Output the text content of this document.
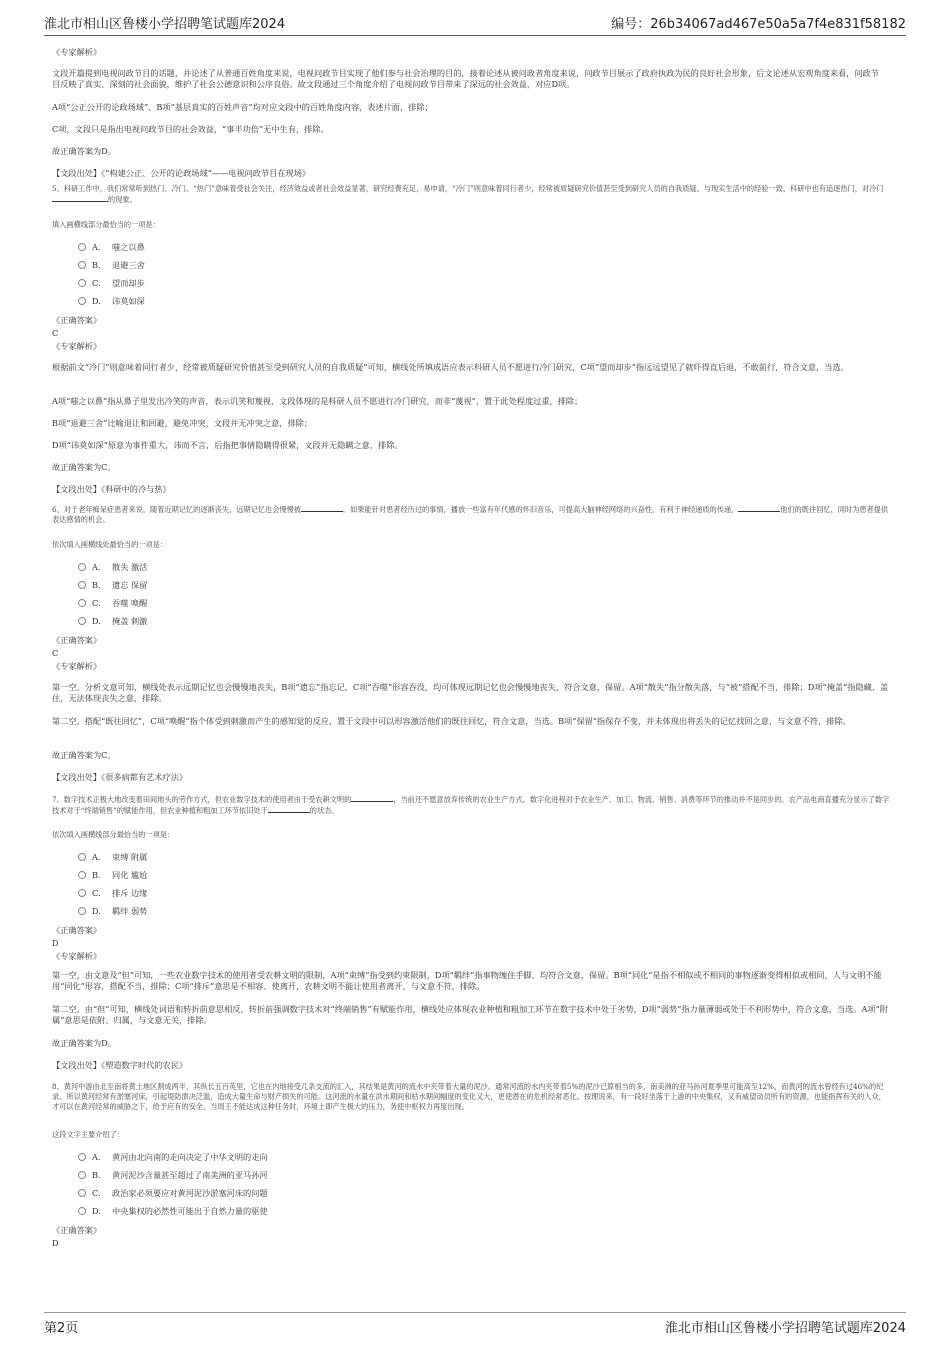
淮北市相山区鲁楼小学招聘笔试题库2024	编号：26b34067ad467e50a5a7f4e831f58182
《专家解析》
文段开篇提到电视问政节目的话题，并论述了从普通百姓角度来说，电视问政节目实现了他们参与社会治理的目的，接着论述从被问政者角度来说，问政节目展示了政府执政为民的良好社会形象，后文论述从宏观角度来看，问政节目反映了真实、深刻的社会面貌，维护了社会公德意识和公序良俗。故文段通过三个角度介绍了电视问政节目带来了深远的社会效益，对应D项。
A项“公正公开的论政场域”、B项“基层真实的百姓声音”均对应文段中的百姓角度内容，表述片面，排除；
C项，文段只是指出电视问政节目的社会效益，“事半功倍”无中生有，排除。
故正确答案为D。
【文段出处】《“构建公正、公开的论政场域”——电视问政节目在现场》
5、科研工作中，我们常常听到热门、冷门。“热门”意味着受社会关注，经济效益或者社会效益显著，研究经费充足，易申请，“冷门”则意味着同行者少，经常被质疑研究价值甚至受到研究人员的自我质疑。与现实生活中的经验一致，科研中也有追逐热门，对冷门的现象。
填入画横线部分最恰当的一项是：
A.	嗤之以鼻
B.	退避三舍
C.	望而却步
D.	讳莫如深
《正确答案》
C
《专家解析》
根据前文“冷门”则意味着同行者少，经常被质疑研究价值甚至受到研究人员的自我质疑”可知，横线处所填成语应表示科研人员不愿进行冷门研究，C项“望而却步”指远远望见了就吓得直后退，不敢前行，符合文意，当选。
A项“嗤之以鼻”指从鼻子里发出冷笑的声音，表示讥笑和蔑视，文段体现的是科研人员不愿进行冷门研究，而非“蔑视”，置于此处程度过重，排除；
B项“退避三舍”比喻退让和回避，避免冲突，文段并无冲突之意，排除；
D项“讳莫如深”原意为事件重大，讳而不言，后指把事情隐瞒得很紧，文段并无隐瞒之意，排除。
故正确答案为C。
【文段出处】《科研中的冷与热》
6、对于老年痴呆症患者来说，随着近期记忆的逐渐丧失，远期记忆也会慢慢被	。如果能针对患者经历过的事情，播放一些富有年代感的怀旧音乐，可提高大脑神经网络的兴奋性，有利于神经递质的传递，	他们的既往回忆，同时为患者提供表达感情的机会。
依次填入画横线处最恰当的一项是：
A.	散失 激活
B.	遗忘 保留
C.	吞噬 唤醒
D.	掩盖 刺激
《正确答案》
C
《专家解析》
第一空，分析文意可知，横线处表示远期记忆也会慢慢地丧失，B项“遗忘”指忘记，C项“吞噬”形容吞没，均可体现远期记忆也会慢慢地丧失，符合文意，保留。A项“散失”指分散失落，与“被”搭配不当，排除；D项“掩盖”指隐藏、盖住，无法体现丧失之意，排除。
第二空，搭配“既往回忆”，C项“唤醒”指个体受到刺激而产生的感知觉的反应，置于文段中可以形容激活他们的既往回忆，符合文意，当选。B项“保留”指保存不变，并未体现出将丢失的记忆找回之意，与文意不符，排除。
故正确答案为C。
【文段出处】《很多病都有艺术疗法》
7、数字技术正极大地改变着田间地头的劳作方式，但农业数字技术的使用者由于受农耕文明的	，当前还不愿意放弃传统的农业生产方式。数字化进程对于农业生产、加工、物流、销售、消费等环节的推动并不是同步的。农产品电商直播充分显示了数字技术对于“终端销售”的赋能作用，但农业种植和粗加工环节依旧处于	的状态。
依次填入画横线部分最恰当的一项是：
A.	束缚 附属
B.	同化 尴尬
C.	排斥 边缘
D.	羁绊 弱势
《正确答案》
D
《专家解析》
第一空，由文意及“但”可知，一些农业数字技术的使用者受农耕文明的限制，A项“束缚”指受到约束限制，D项“羁绊”指事物缠住手脚，均符合文意，保留。B项“同化”是指不相似或不相同的事物逐渐变得相似或相同，人与文明不能用“同化”形容，搭配不当，排除；C项“排斥”意思是不相容、使离开，农耕文明不能让使用者离开，与文意不符，排除。
第二空，由“但”可知，横线处词语和转折前意思相反，转折前强调数字技术对“终端销售”有赋能作用，横线处应体现农业种植和粗加工环节在数字技术中处于劣势，D项“弱势”指力量薄弱或处于不利形势中，符合文意，当选。A项“附属”意思是依附、归属，与文意无关，排除。
故正确答案为D。
【文段出处】《塑造数字时代的农民》
8、黄河中游由北至南将黄土地区割成两半，其纵长五百英里，它也在内地接受几条支流的汇入，其结果是黄河的流水中夹带着大量的泥沙。通常河流的水内夹带着5%的泥沙已算相当的多，南美洲的亚马孙河夏季里可能高至12%，而黄河的流水曾经有过46%的纪录。所以黄河经常有淤塞河床，引起堤防溃决泛滥，造成大量生命与财产损失的可能。这河流的水量在洪水期间和枯水期间幅度的变化又大，更使潜在的危机经常恶化。按理说来，有一段好坐落于上游的中央集权，又有威望动员所有的资源，也能指挥有关的人众，才可以在黄河经常的威胁之下，给予应有的安全。当周王不能达成这种任务时，环境上即产生极大的压力，务使中枢权力再度出现。
这段文字主要介绍了：
A.	黄河由北向南的走向决定了中华文明的走向
B.	黄河泥沙含量甚至超过了南美洲的亚马孙河
C.	政治家必须要应对黄河泥沙淤塞河床的问题
D.	中央集权的必然性可能出于自然力量的驱使
《正确答案》
D
第2页	淮北市相山区鲁楼小学招聘笔试题库2024
